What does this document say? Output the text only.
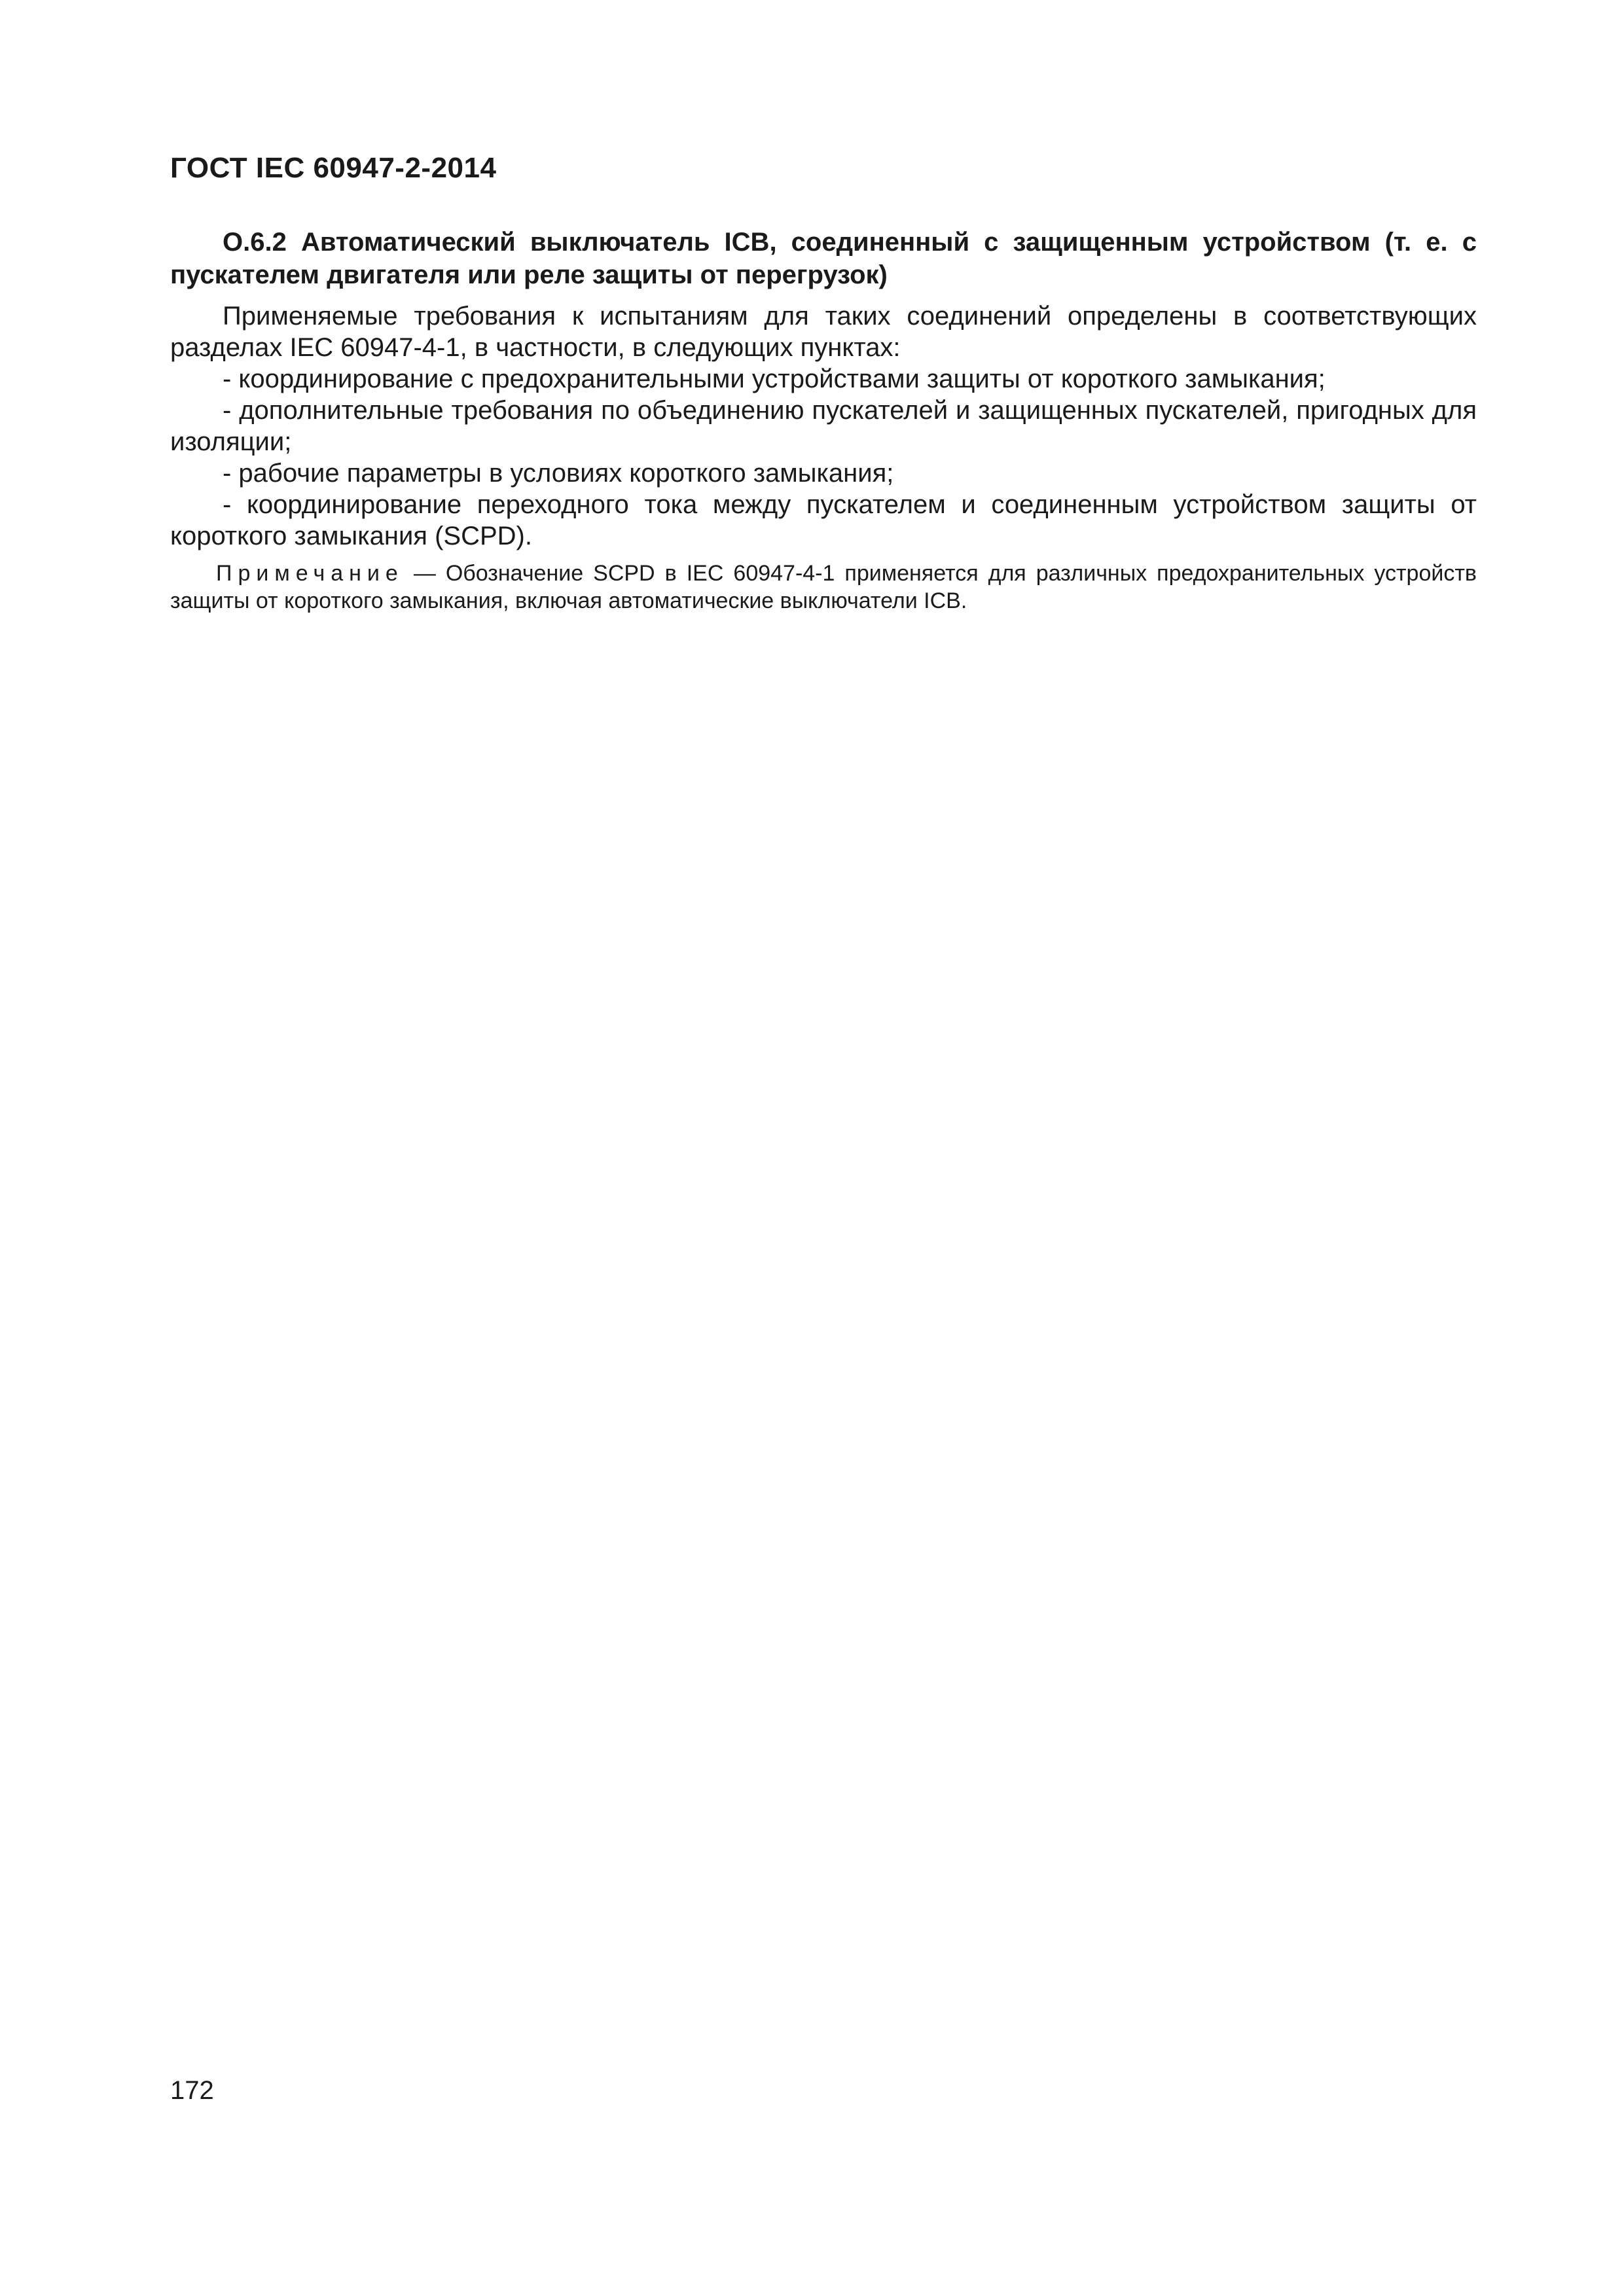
ГОСТ IEC 60947-2-2014

О.6.2 Автоматический выключатель ICB, соединенный с защищенным устройством (т. е. с пускателем двигателя или реле защиты от перегрузок)

Применяемые требования к испытаниям для таких соединений определены в соответствующих разделах IEC 60947-4-1, в частности, в следующих пунктах:

- координирование с предохранительными устройствами защиты от короткого замыкания;
- дополнительные требования по объединению пускателей и защищенных пускателей, пригодных для изоляции;
- рабочие параметры в условиях короткого замыкания;
- координирование переходного тока между пускателем и соединенным устройством защиты от короткого замыкания (SCPD).

Примечание — Обозначение SCPD в IEC 60947-4-1 применяется для различных предохранительных устройств защиты от короткого замыкания, включая автоматические выключатели ICB.

172
